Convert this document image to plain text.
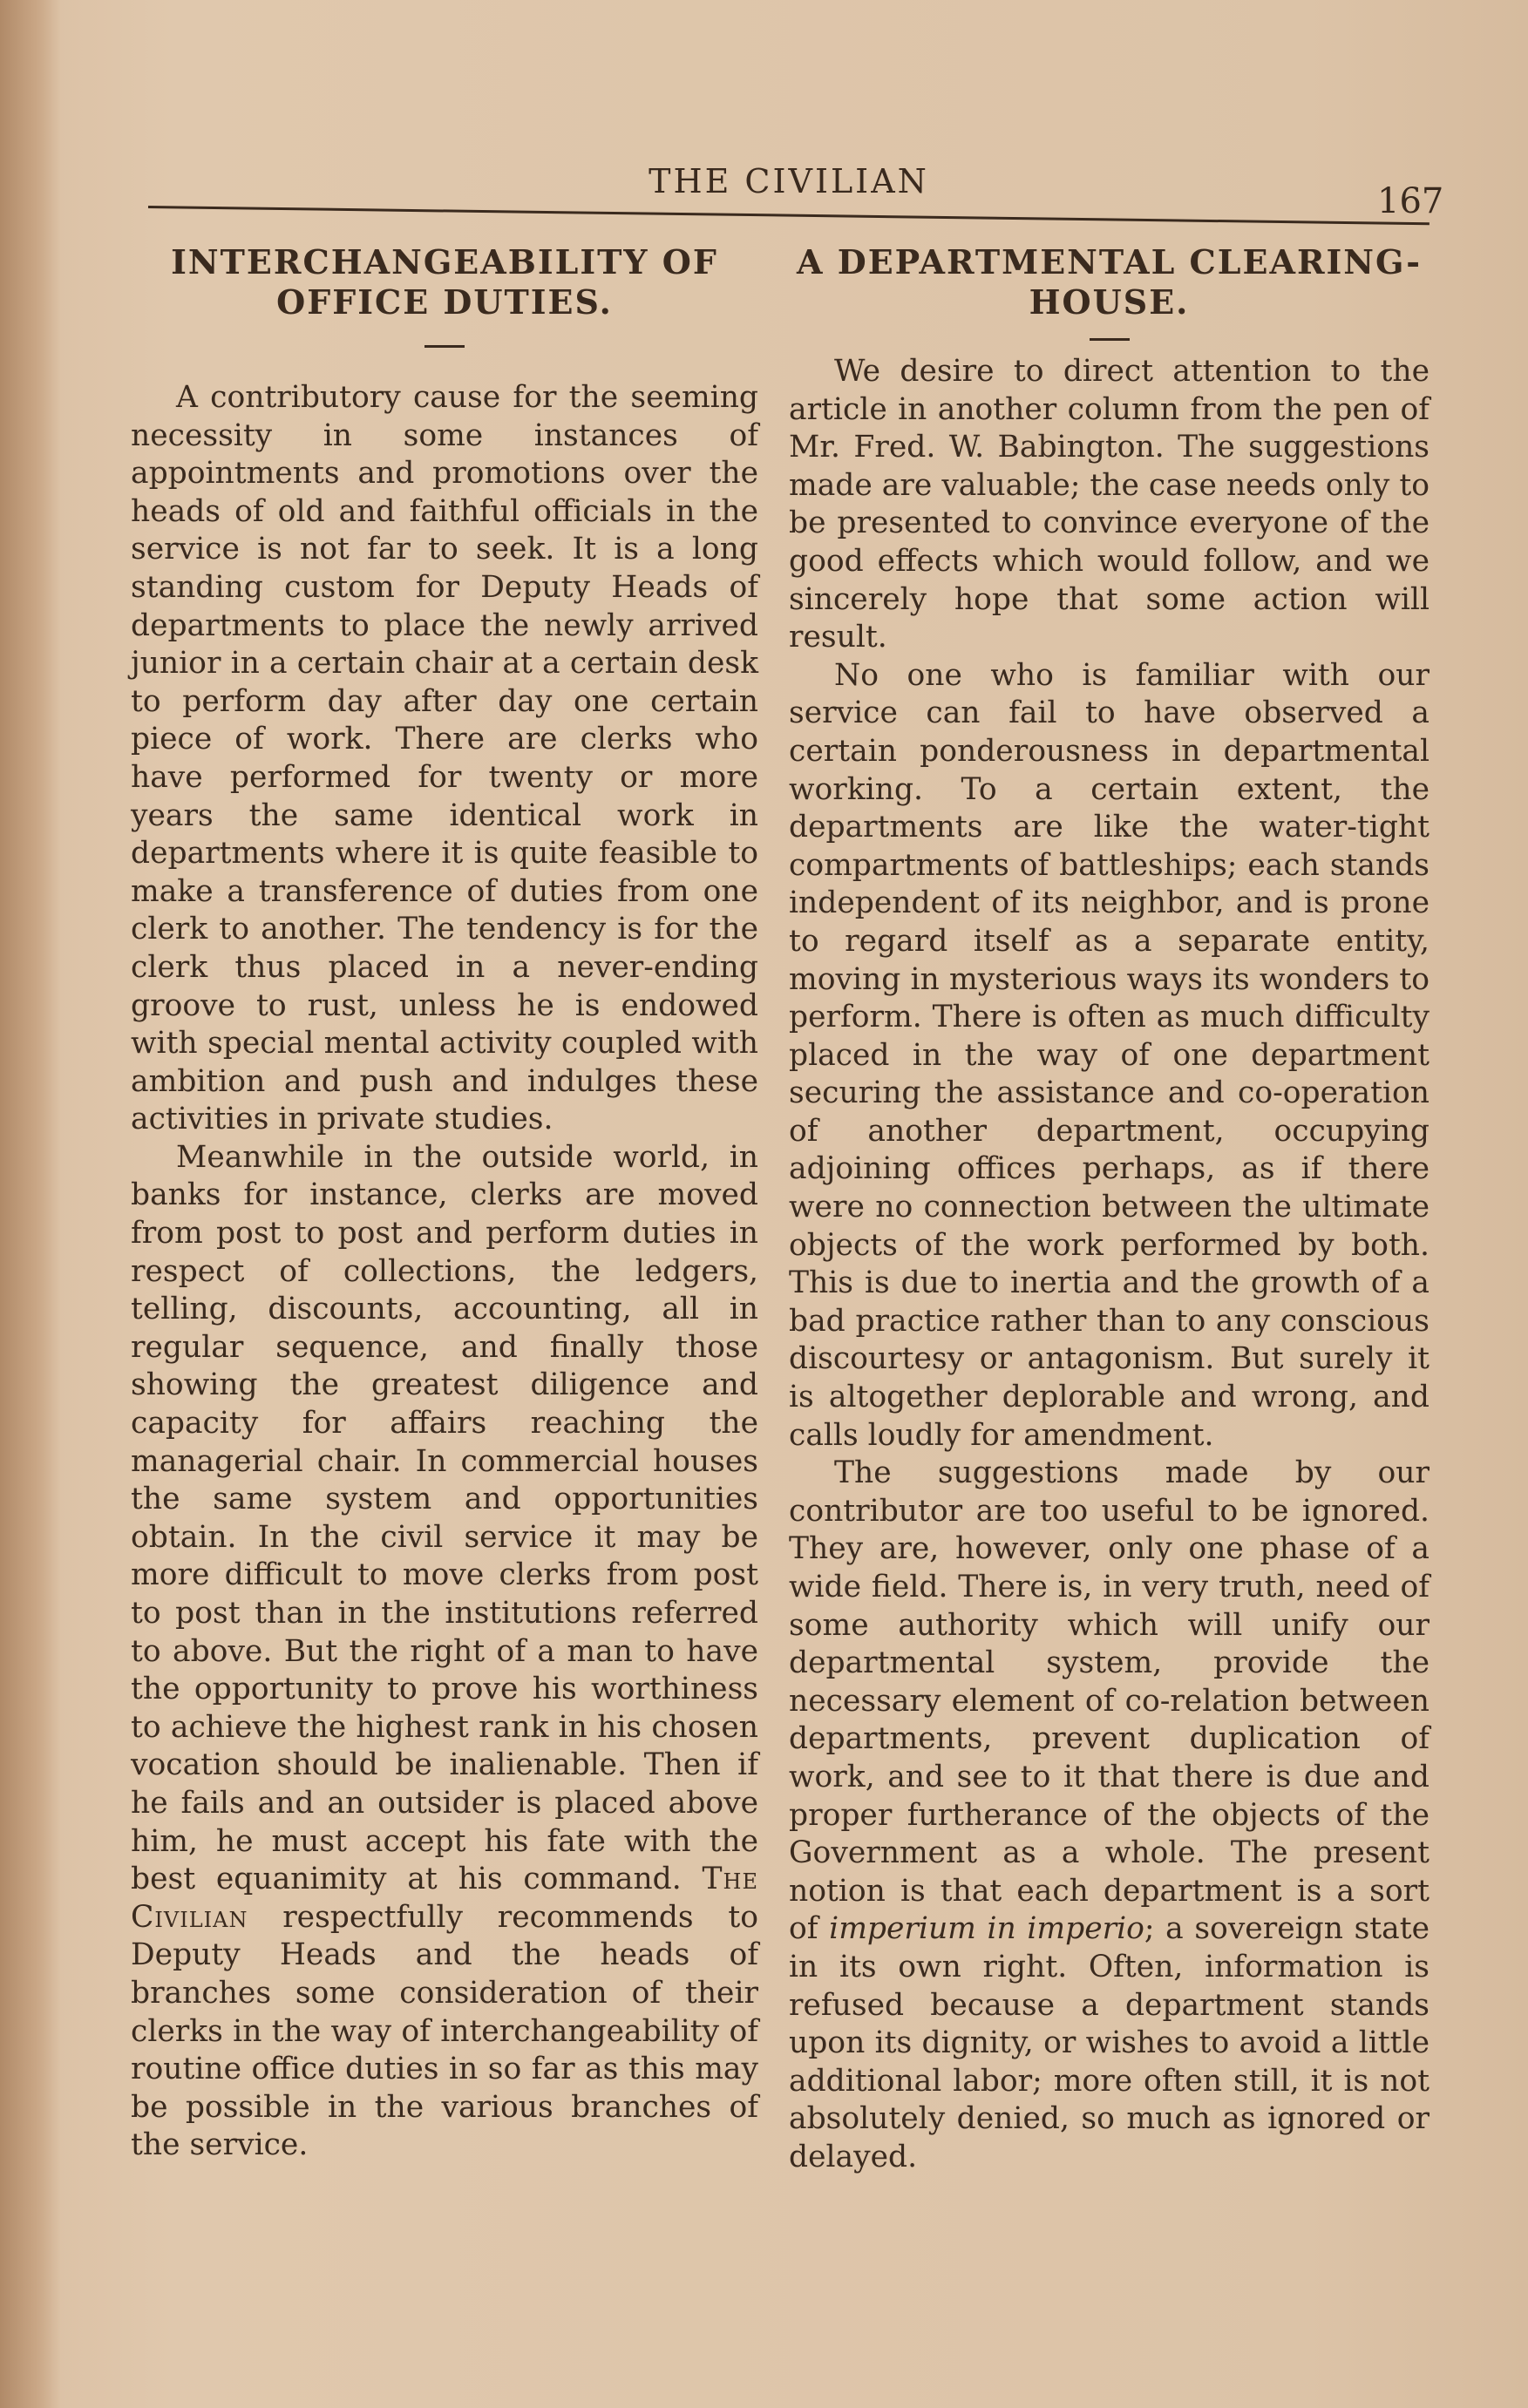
THE CIVILIAN	167
INTERCHANGEABILITY OF
OFFICE DUTIES.

A contributory cause for the seeming necessity in some instances of appointments and promotions over the heads of old and faithful officials in the service is not far to seek. It is a long standing custom for Deputy Heads of departments to place the newly arrived junior in a certain chair at a certain desk to perform day after day one certain piece of work. There are clerks who have performed for twenty or more years the same identical work in departments where it is quite feasible to make a transference of duties from one clerk to another. The tendency is for the clerk thus placed in a never-ending groove to rust, unless he is endowed with special mental activity coupled with ambition and push and indulges these activities in private studies.

Meanwhile in the outside world, in banks for instance, clerks are moved from post to post and perform duties in respect of collections, the ledgers, telling, discounts, accounting, all in regular sequence, and finally those showing the greatest diligence and capacity for affairs reaching the managerial chair. In commercial houses the same system and opportunities obtain. In the civil service it may be more difficult to move clerks from post to post than in the institutions referred to above. But the right of a man to have the opportunity to prove his worthiness to achieve the highest rank in his chosen vocation should be inalienable. Then if he fails and an outsider is placed above him, he must accept his fate with the best equanimity at his command. The Civilian respectfully recommends to Deputy Heads and the heads of branches some consideration of their clerks in the way of interchangeability of routine office duties in so far as this may be possible in the various branches of the service.

A DEPARTMENTAL CLEARING-
HOUSE.

We desire to direct attention to the article in another column from the pen of Mr. Fred. W. Babington. The suggestions made are valuable; the case needs only to be presented to convince everyone of the good effects which would follow, and we sincerely hope that some action will result.

No one who is familiar with our service can fail to have observed a certain ponderousness in departmental working. To a certain extent, the departments are like the water-tight compartments of battleships; each stands independent of its neighbor, and is prone to regard itself as a separate entity, moving in mysterious ways its wonders to perform. There is often as much difficulty placed in the way of one department securing the assistance and co-operation of another department, occupying adjoining offices perhaps, as if there were no connection between the ultimate objects of the work performed by both. This is due to inertia and the growth of a bad practice rather than to any conscious discourtesy or antagonism. But surely it is altogether deplorable and wrong, and calls loudly for amendment.

The suggestions made by our contributor are too useful to be ignored. They are, however, only one phase of a wide field. There is, in very truth, need of some authority which will unify our departmental system, provide the necessary element of co-relation between departments, prevent duplication of work, and see to it that there is due and proper furtherance of the objects of the Government as a whole. The present notion is that each department is a sort of imperium in imperio; a sovereign state in its own right. Often, information is refused because a department stands upon its dignity, or wishes to avoid a little additional labor; more often still, it is not absolutely denied, so much as ignored or delayed.
